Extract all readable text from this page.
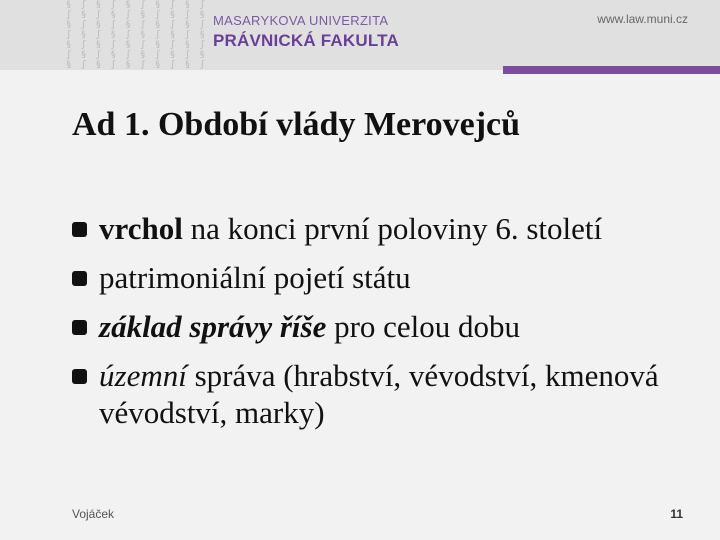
§ ʃ § ʃ § ʃ § ʃ § ʃ
ʃ § ʃ § ʃ § ʃ § ʃ §
§ ʃ § ʃ § ʃ § ʃ § ʃ
ʃ § ʃ § ʃ § ʃ § ʃ §
§ ʃ § ʃ § ʃ § ʃ § ʃ
ʃ § ʃ § ʃ § ʃ § ʃ §
§ ʃ § ʃ § ʃ § ʃ § ʃ
MASARYKOVA UNIVERZITA
PRÁVNICKÁ FAKULTA
www.law.muni.cz
Ad 1. Období vlády Merovejců
vrchol na konci první poloviny 6. století
patrimoniální pojetí státu
základ správy říše pro celou dobu
územní správa (hrabství, vévodství, kmenová vévodství, marky)
Vojáček	11
